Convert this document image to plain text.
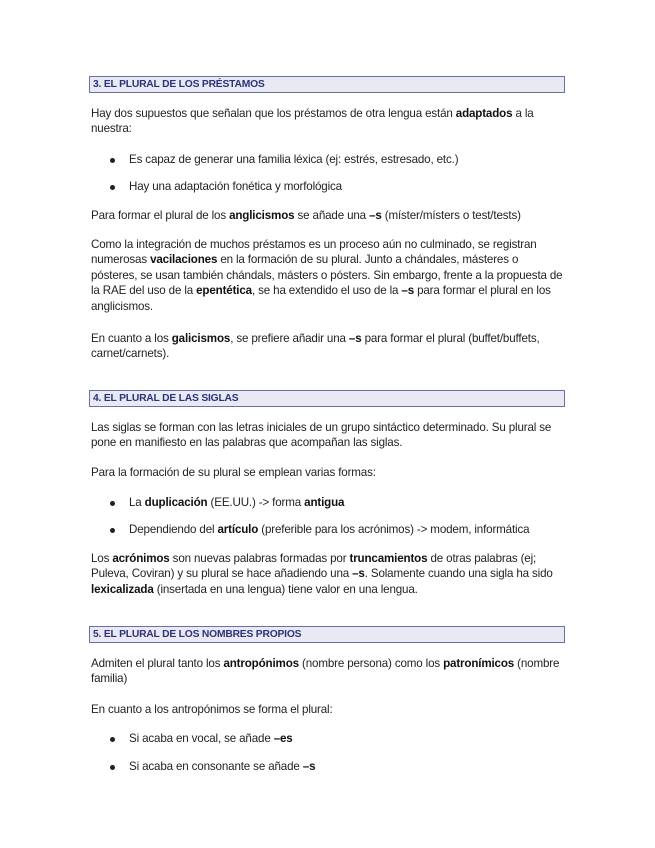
3. EL PLURAL DE LOS PRÉSTAMOS

Hay dos supuestos que señalan que los préstamos de otra lengua están adaptados a la nuestra:

Es capaz de generar una familia léxica (ej: estrés, estresado, etc.)
Hay una adaptación fonética y morfológica

Para formar el plural de los anglicismos se añade una –s (míster/místers o test/tests)

Como la integración de muchos préstamos es un proceso aún no culminado, se registran numerosas vacilaciones en la formación de su plural. Junto a chándales, másteres o pósteres, se usan también chándals, másters o pósters. Sin embargo, frente a la propuesta de la RAE del uso de la epentética, se ha extendido el uso de la –s para formar el plural en los anglicismos.

En cuanto a los galicismos, se prefiere añadir una –s para formar el plural (buffet/buffets, carnet/carnets).

4. EL PLURAL DE LAS SIGLAS

Las siglas se forman con las letras iniciales de un grupo sintáctico determinado. Su plural se pone en manifiesto en las palabras que acompañan las siglas.

Para la formación de su plural se emplean varias formas:

La duplicación (EE.UU.) -> forma antigua
Dependiendo del artículo (preferible para los acrónimos) -> modem, informática

Los acrónimos son nuevas palabras formadas por truncamientos de otras palabras (ej; Puleva, Coviran) y su plural se hace añadiendo una –s. Solamente cuando una sigla ha sido lexicalizada (insertada en una lengua) tiene valor en una lengua.

5. EL PLURAL DE LOS NOMBRES PROPIOS

Admiten el plural tanto los antropónimos (nombre persona) como los patronímicos (nombre familia)

En cuanto a los antropónimos se forma el plural:

Si acaba en vocal, se añade –es
Si acaba en consonante se añade –s
